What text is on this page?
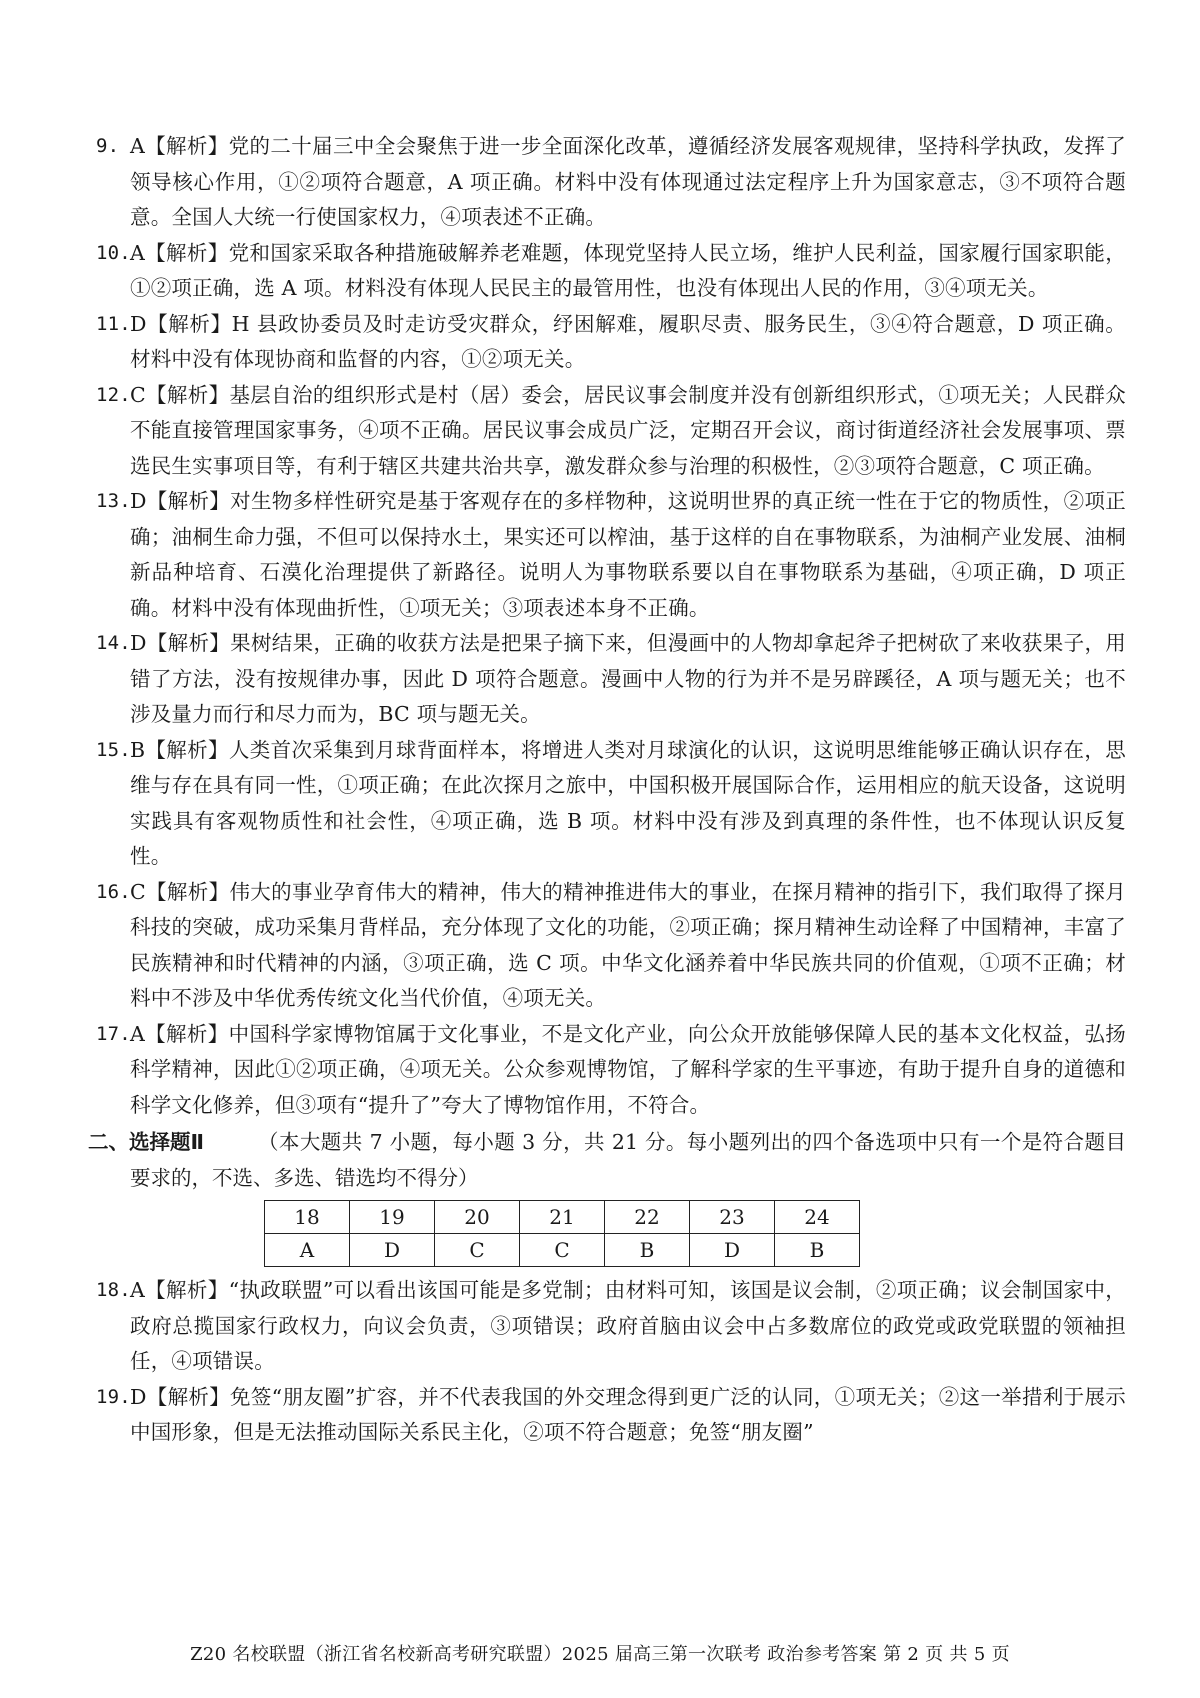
9. A【解析】党的二十届三中全会聚焦于进一步全面深化改革，遵循经济发展客观规律，坚持科学执政，发挥了领导核心作用，①②项符合题意，A 项正确。材料中没有体现通过法定程序上升为国家意志，③不项符合题意。全国人大统一行使国家权力，④项表述不正确。
10. A【解析】党和国家采取各种措施破解养老难题，体现党坚持人民立场，维护人民利益，国家履行国家职能，①②项正确，选 A 项。材料没有体现人民民主的最管用性，也没有体现出人民的作用，③④项无关。
11. D【解析】H 县政协委员及时走访受灾群众，纾困解难，履职尽责、服务民生，③④符合题意，D 项正确。材料中没有体现协商和监督的内容，①②项无关。
12. C【解析】基层自治的组织形式是村（居）委会，居民议事会制度并没有创新组织形式，①项无关；人民群众不能直接管理国家事务，④项不正确。居民议事会成员广泛，定期召开会议，商讨街道经济社会发展事项、票选民生实事项目等，有利于辖区共建共治共享，激发群众参与治理的积极性，②③项符合题意，C 项正确。
13. D【解析】对生物多样性研究是基于客观存在的多样物种，这说明世界的真正统一性在于它的物质性，②项正确；油桐生命力强，不但可以保持水土，果实还可以榨油，基于这样的自在事物联系，为油桐产业发展、油桐新品种培育、石漠化治理提供了新路径。说明人为事物联系要以自在事物联系为基础，④项正确，D 项正确。材料中没有体现曲折性，①项无关；③项表述本身不正确。
14. D【解析】果树结果，正确的收获方法是把果子摘下来，但漫画中的人物却拿起斧子把树砍了来收获果子，用错了方法，没有按规律办事，因此 D 项符合题意。漫画中人物的行为并不是另辟蹊径，A 项与题无关；也不涉及量力而行和尽力而为，BC 项与题无关。
15. B【解析】人类首次采集到月球背面样本，将增进人类对月球演化的认识，这说明思维能够正确认识存在，思维与存在具有同一性，①项正确；在此次探月之旅中，中国积极开展国际合作，运用相应的航天设备，这说明实践具有客观物质性和社会性，④项正确，选 B 项。材料中没有涉及到真理的条件性，也不体现认识反复性。
16. C【解析】伟大的事业孕育伟大的精神，伟大的精神推进伟大的事业，在探月精神的指引下，我们取得了探月科技的突破，成功采集月背样品，充分体现了文化的功能，②项正确；探月精神生动诠释了中国精神，丰富了民族精神和时代精神的内涵，③项正确，选 C 项。中华文化涵养着中华民族共同的价值观，①项不正确；材料中不涉及中华优秀传统文化当代价值，④项无关。
17. A【解析】中国科学家博物馆属于文化事业，不是文化产业，向公众开放能够保障人民的基本文化权益，弘扬科学精神，因此①②项正确，④项无关。公众参观博物馆，了解科学家的生平事迹，有助于提升自身的道德和科学文化修养，但③项有“提升了”夸大了博物馆作用，不符合。
二、选择题Ⅱ	（本大题共 7 小题，每小题 3 分，共 21 分。每小题列出的四个备选项中只有一个是符合题目要求的，不选、多选、错选均不得分）
18	19	20	21	22	23	24
A	D	C	C	B	D	B
18. A【解析】“执政联盟”可以看出该国可能是多党制；由材料可知，该国是议会制，②项正确；议会制国家中，政府总揽国家行政权力，向议会负责，③项错误；政府首脑由议会中占多数席位的政党或政党联盟的领袖担任，④项错误。
19. D【解析】免签“朋友圈”扩容，并不代表我国的外交理念得到更广泛的认同，①项无关；②这一举措利于展示中国形象，但是无法推动国际关系民主化，②项不符合题意；免签“朋友圈”
Z20 名校联盟（浙江省名校新高考研究联盟）2025 届高三第一次联考 政治参考答案 第 2 页 共 5 页
